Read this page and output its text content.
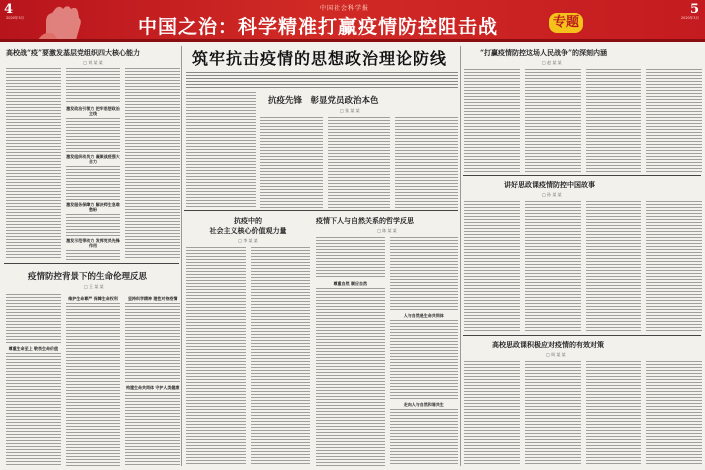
4
2020年3月
中国社会科学报
中国之治：科学精准打赢疫情防控阻击战	专题	2020年3月
5
高校战“疫”要激发基层党组织四大核心能力
□ 刘 某 某
激发政治引领力 把牢思想政治主线
激发组织动员力 凝聚战疫强大合力
激发服务保障力 解决师生急难愁盼
激发示范带动力 发挥党员先锋作用
疫情防控背景下的生命伦理反思
□ 王 某 某
尊重生命至上 敬畏生命价值
维护生命尊严 保障生命权利	坚持科学精神 理性对待疫情
构建生命共同体 守护人类健康
筑牢抗击疫情的思想政治理论防线
抗疫先锋　彰显党员政治本色
□ 张 某 某
抗疫中的
社会主义核心价值观力量
□ 李 某 某
疫情下人与自然关系的哲学反思
□ 陈 某 某
尊重自然 顺应自然
人与自然是生命共同体
走向人与自然和谐共生
“打赢疫情防控这场人民战争”的深刻内涵
□ 赵 某 某
讲好思政课疫情防控中国故事
□ 孙 某 某
高校思政课积极应对疫情的有效对策
□ 周 某 某
